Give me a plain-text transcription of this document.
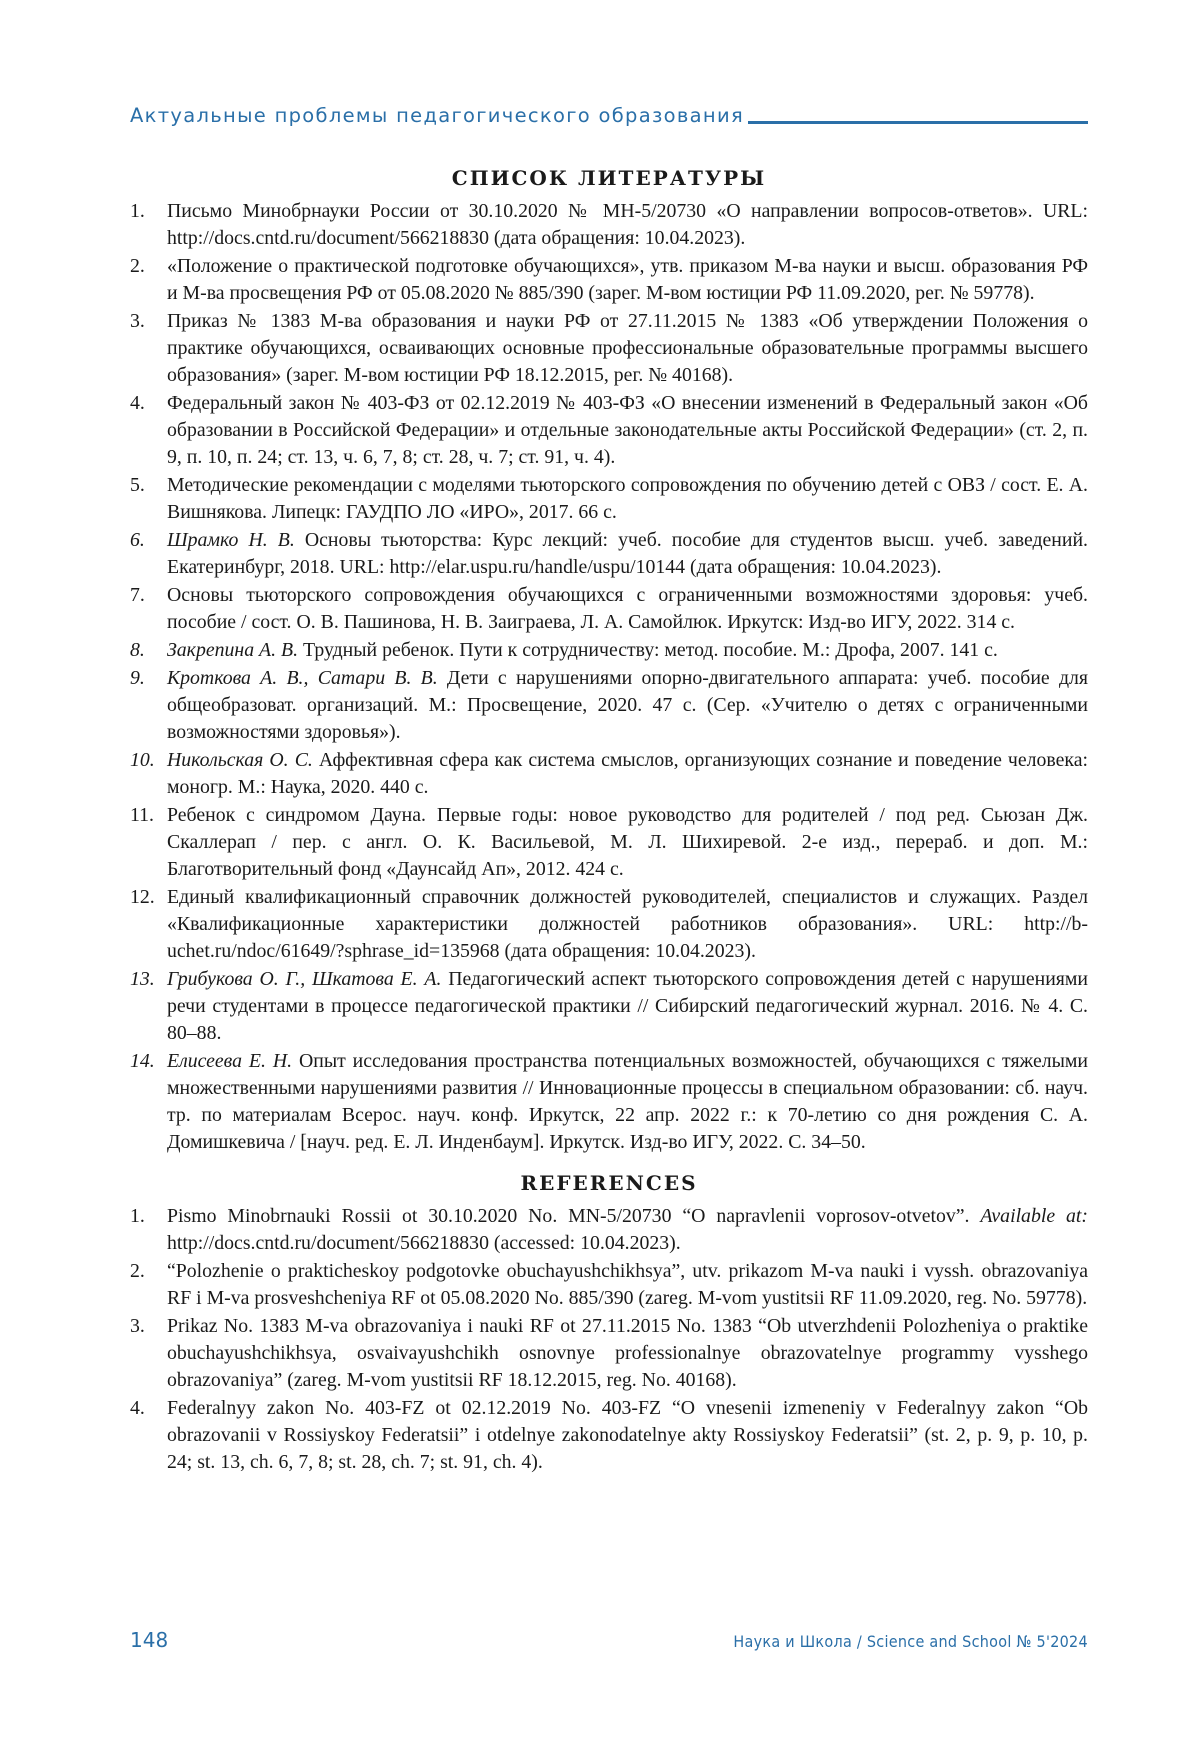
Актуальные проблемы педагогического образования
СПИСОК ЛИТЕРАТУРЫ
1. Письмо Минобрнауки России от 30.10.2020 № МН-5/20730 «О направлении вопросов-ответов». URL: http://docs.cntd.ru/document/566218830 (дата обращения: 10.04.2023).
2. «Положение о практической подготовке обучающихся», утв. приказом М-ва науки и высш. образования РФ и М-ва просвещения РФ от 05.08.2020 № 885/390 (зарег. М-вом юстиции РФ 11.09.2020, рег. № 59778).
3. Приказ № 1383 М-ва образования и науки РФ от 27.11.2015 № 1383 «Об утверждении Положения о практике обучающихся, осваивающих основные профессиональные образовательные программы высшего образования» (зарег. М-вом юстиции РФ 18.12.2015, рег. № 40168).
4. Федеральный закон № 403-ФЗ от 02.12.2019 № 403-ФЗ «О внесении изменений в Федеральный закон «Об образовании в Российской Федерации» и отдельные законодательные акты Российской Федерации» (ст. 2, п. 9, п. 10, п. 24; ст. 13, ч. 6, 7, 8; ст. 28, ч. 7; ст. 91, ч. 4).
5. Методические рекомендации с моделями тьюторского сопровождения по обучению детей с ОВЗ / сост. Е. А. Вишнякова. Липецк: ГАУДПО ЛО «ИРО», 2017. 66 с.
6. Шрамко Н. В. Основы тьюторства: Курс лекций: учеб. пособие для студентов высш. учеб. заведений. Екатеринбург, 2018. URL: http://elar.uspu.ru/handle/uspu/10144 (дата обращения: 10.04.2023).
7. Основы тьюторского сопровождения обучающихся с ограниченными возможностями здоровья: учеб. пособие / сост. О. В. Пашинова, Н. В. Заиграева, Л. А. Самойлюк. Иркутск: Изд-во ИГУ, 2022. 314 с.
8. Закрепина А. В. Трудный ребенок. Пути к сотрудничеству: метод. пособие. М.: Дрофа, 2007. 141 с.
9. Кроткова А. В., Сатари В. В. Дети с нарушениями опорно-двигательного аппарата: учеб. пособие для общеобразоват. организаций. М.: Просвещение, 2020. 47 с. (Сер. «Учителю о детях с ограниченными возможностями здоровья»).
10. Никольская О. С. Аффективная сфера как система смыслов, организующих сознание и поведение человека: моногр. М.: Наука, 2020. 440 с.
11. Ребенок с синдромом Дауна. Первые годы: новое руководство для родителей / под ред. Сьюзан Дж. Скаллерап / пер. с англ. О. К. Васильевой, М. Л. Шихиревой. 2-е изд., перераб. и доп. М.: Благотворительный фонд «Даунсайд Ап», 2012. 424 с.
12. Единый квалификационный справочник должностей руководителей, специалистов и служащих. Раздел «Квалификационные характеристики должностей работников образования». URL: http://b-uchet.ru/ndoc/61649/?sphrase_id=135968 (дата обращения: 10.04.2023).
13. Грибукова О. Г., Шкатова Е. А. Педагогический аспект тьюторского сопровождения детей с нарушениями речи студентами в процессе педагогической практики // Сибирский педагогический журнал. 2016. № 4. С. 80–88.
14. Елисеева Е. Н. Опыт исследования пространства потенциальных возможностей, обучающихся с тяжелыми множественными нарушениями развития // Инновационные процессы в специальном образовании: сб. науч. тр. по материалам Всерос. науч. конф. Иркутск, 22 апр. 2022 г.: к 70-летию со дня рождения С. А. Домишкевича / [науч. ред. Е. Л. Инденбаум]. Иркутск. Изд-во ИГУ, 2022. С. 34–50.
REFERENCES
1. Pismo Minobrnauki Rossii ot 30.10.2020 No. MN-5/20730 “O napravlenii voprosov-otvetov”. Available at: http://docs.cntd.ru/document/566218830 (accessed: 10.04.2023).
2. “Polozhenie o prakticheskoy podgotovke obuchayushchikhsya”, utv. prikazom M-va nauki i vyssh. obrazovaniya RF i M-va prosveshcheniya RF ot 05.08.2020 No. 885/390 (zareg. M-vom yustitsii RF 11.09.2020, reg. No. 59778).
3. Prikaz No. 1383 M-va obrazovaniya i nauki RF ot 27.11.2015 No. 1383 “Ob utverzhdenii Polozheniya o praktike obuchayushchikhsya, osvaivayushchikh osnovnye professionalnye obrazovatelnye programmy vysshego obrazovaniya” (zareg. M-vom yustitsii RF 18.12.2015, reg. No. 40168).
4. Federalnyy zakon No. 403-FZ ot 02.12.2019 No. 403-FZ “O vnesenii izmeneniy v Federalnyy zakon “Ob obrazovanii v Rossiyskoy Federatsii” i otdelnye zakonodatelnye akty Rossiyskoy Federatsii” (st. 2, p. 9, p. 10, p. 24; st. 13, ch. 6, 7, 8; st. 28, ch. 7; st. 91, ch. 4).
148	Наука и Школа / Science and School № 5'2024
